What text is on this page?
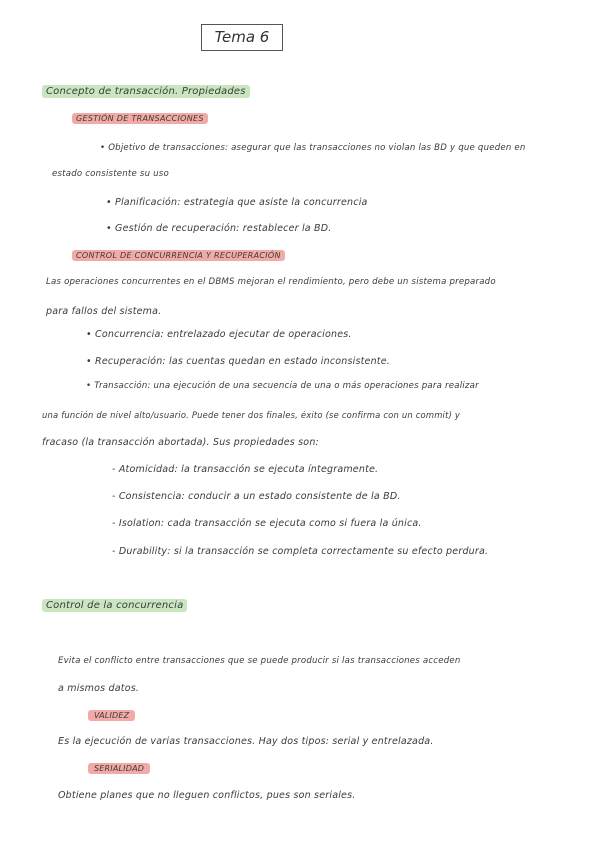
Tema 6
Concepto de transacción. Propiedades
GESTIÓN DE TRANSACCIONES
• Objetivo de transacciones: asegurar que las transacciones no violan las BD y que queden en
estado consistente su uso
• Planificación: estrategia que asiste la concurrencia
• Gestión de recuperación: restablecer la BD.
CONTROL DE CONCURRENCIA Y RECUPERACIÓN
Las operaciones concurrentes en el DBMS mejoran el rendimiento, pero debe un sistema preparado
para fallos del sistema.
• Concurrencia: entrelazado ejecutar de operaciones.
• Recuperación: las cuentas quedan en estado inconsistente.
• Transacción: una ejecución de una secuencia de una o más operaciones para realizar
una función de nivel alto/usuario. Puede tener dos finales, éxito (se confirma con un commit) y
fracaso (la transacción abortada). Sus propiedades son:
- Atomicidad: la transacción se ejecuta íntegramente.
- Consistencia: conducir a un estado consistente de la BD.
- Isolation: cada transacción se ejecuta como si fuera la única.
- Durability: si la transacción se completa correctamente su efecto perdura.
Control de la concurrencia
Evita el conflicto entre transacciones que se puede producir si las transacciones acceden
a mismos datos.
VALIDEZ
Es la ejecución de varias transacciones. Hay dos tipos: serial y entrelazada.
SERIALIDAD
Obtiene planes que no lleguen conflictos, pues son seriales.
